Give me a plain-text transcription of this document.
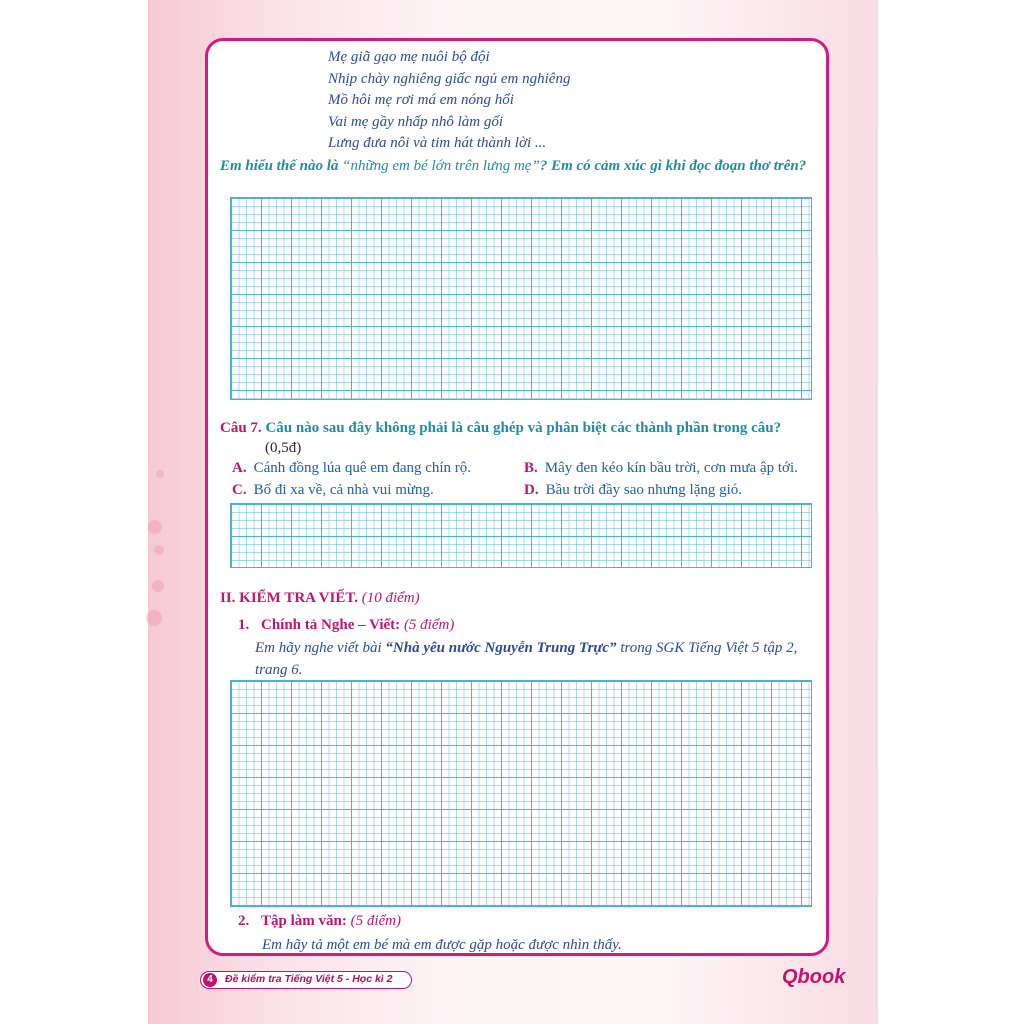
Mẹ giã gạo mẹ nuôi bộ đội
Nhịp chày nghiêng giấc ngủ em nghiêng
Mồ hôi mẹ rơi má em nóng hổi
Vai mẹ gầy nhấp nhô làm gối
Lưng đưa nôi và tim hát thành lời ...
Em hiểu thế nào là “những em bé lớn trên lưng mẹ”? Em có cảm xúc gì khi đọc đoạn thơ trên?
Câu 7. Câu nào sau đây không phải là câu ghép và phân biệt các thành phần trong câu?
(0,5đ)
A. Cánh đồng lúa quê em đang chín rộ.	B. Mây đen kéo kín bầu trời, cơn mưa ập tới.
C. Bố đi xa về, cả nhà vui mừng.	D. Bầu trời đầy sao nhưng lặng gió.
II. KIỂM TRA VIẾT. (10 điểm)
1. Chính tả Nghe – Viết: (5 điểm)
Em hãy nghe viết bài “Nhà yêu nước Nguyễn Trung Trực” trong SGK Tiếng Việt 5 tập 2, trang 6.
2. Tập làm văn: (5 điểm)
Em hãy tả một em bé mà em được gặp hoặc được nhìn thấy.
4	Đề kiểm tra Tiếng Việt 5 - Học kì 2	Qbook
